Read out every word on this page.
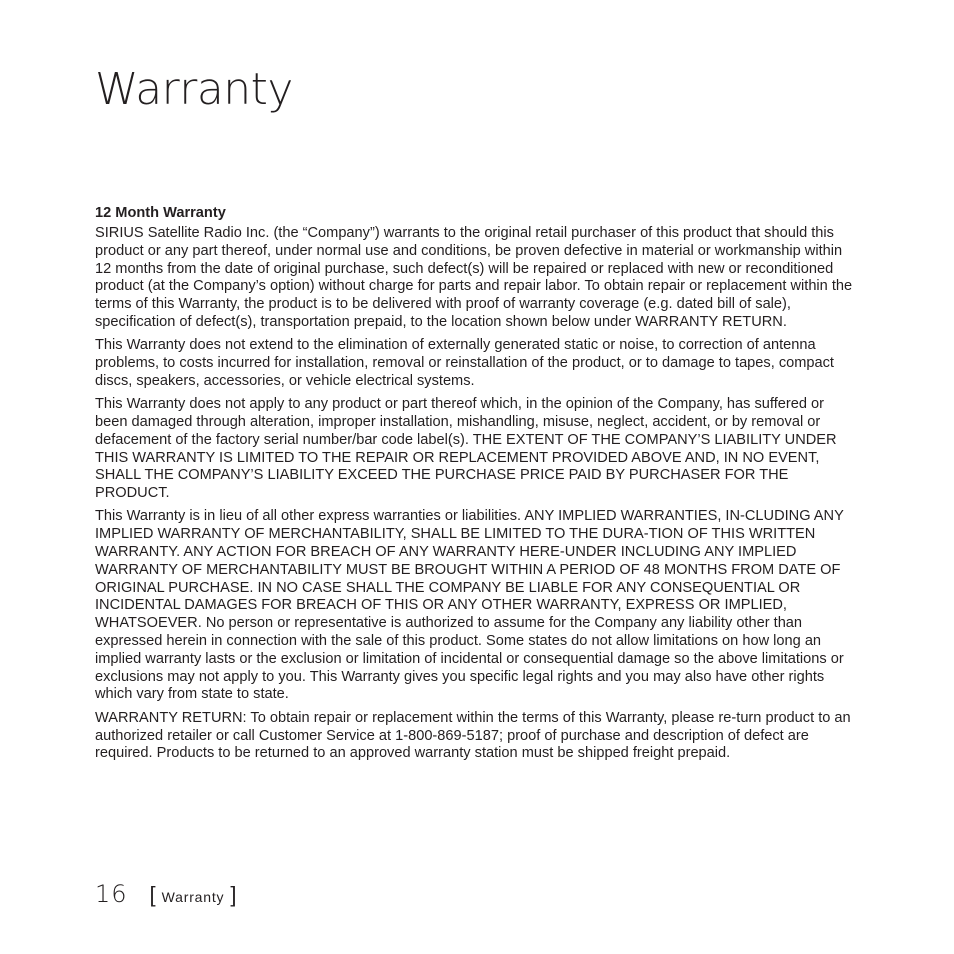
Warranty
12 Month Warranty

SIRIUS Satellite Radio Inc. (the “Company”) warrants to the original retail purchaser of this product that should this product or any part thereof, under normal use and conditions, be proven defective in material or workmanship within 12 months from the date of original purchase, such defect(s) will be repaired or replaced with new or reconditioned product (at the Company’s option) without charge for parts and repair labor. To obtain repair or replacement within the terms of this Warranty, the product is to be delivered with proof of warranty coverage (e.g. dated bill of sale), specification of defect(s), transportation prepaid, to the location shown below under WARRANTY RETURN.

This Warranty does not extend to the elimination of externally generated static or noise, to correction of antenna problems, to costs incurred for installation, removal or reinstallation of the product, or to damage to tapes, compact discs, speakers, accessories, or vehicle electrical systems.

This Warranty does not apply to any product or part thereof which, in the opinion of the Company, has suffered or been damaged through alteration, improper installation, mishandling, misuse, neglect, accident, or by removal or defacement of the factory serial number/bar code label(s). THE EXTENT OF THE COMPANY’S LIABILITY UNDER THIS WARRANTY IS LIMITED TO THE REPAIR OR REPLACEMENT PROVIDED ABOVE AND, IN NO EVENT, SHALL THE COMPANY’S LIABILITY EXCEED THE PURCHASE PRICE PAID BY PURCHASER FOR THE PRODUCT.

This Warranty is in lieu of all other express warranties or liabilities. ANY IMPLIED WARRANTIES, IN-CLUDING ANY IMPLIED WARRANTY OF MERCHANTABILITY, SHALL BE LIMITED TO THE DURA-TION OF THIS WRITTEN WARRANTY. ANY ACTION FOR BREACH OF ANY WARRANTY HERE-UNDER INCLUDING ANY IMPLIED WARRANTY OF MERCHANTABILITY MUST BE BROUGHT WITHIN A PERIOD OF 48 MONTHS FROM DATE OF ORIGINAL PURCHASE. IN NO CASE SHALL THE COMPANY BE LIABLE FOR ANY CONSEQUENTIAL OR INCIDENTAL DAMAGES FOR BREACH OF THIS OR ANY OTHER WARRANTY, EXPRESS OR IMPLIED, WHATSOEVER. No person or representative is authorized to assume for the Company any liability other than expressed herein in connection with the sale of this product. Some states do not allow limitations on how long an implied warranty lasts or the exclusion or limitation of incidental or consequential damage so the above limitations or exclusions may not apply to you. This Warranty gives you specific legal rights and you may also have other rights which vary from state to state.

WARRANTY RETURN: To obtain repair or replacement within the terms of this Warranty, please re-turn product to an authorized retailer or call Customer Service at 1-800-869-5187; proof of purchase and description of defect are required. Products to be returned to an approved warranty station must be shipped freight prepaid.

16 [ Warranty ]
